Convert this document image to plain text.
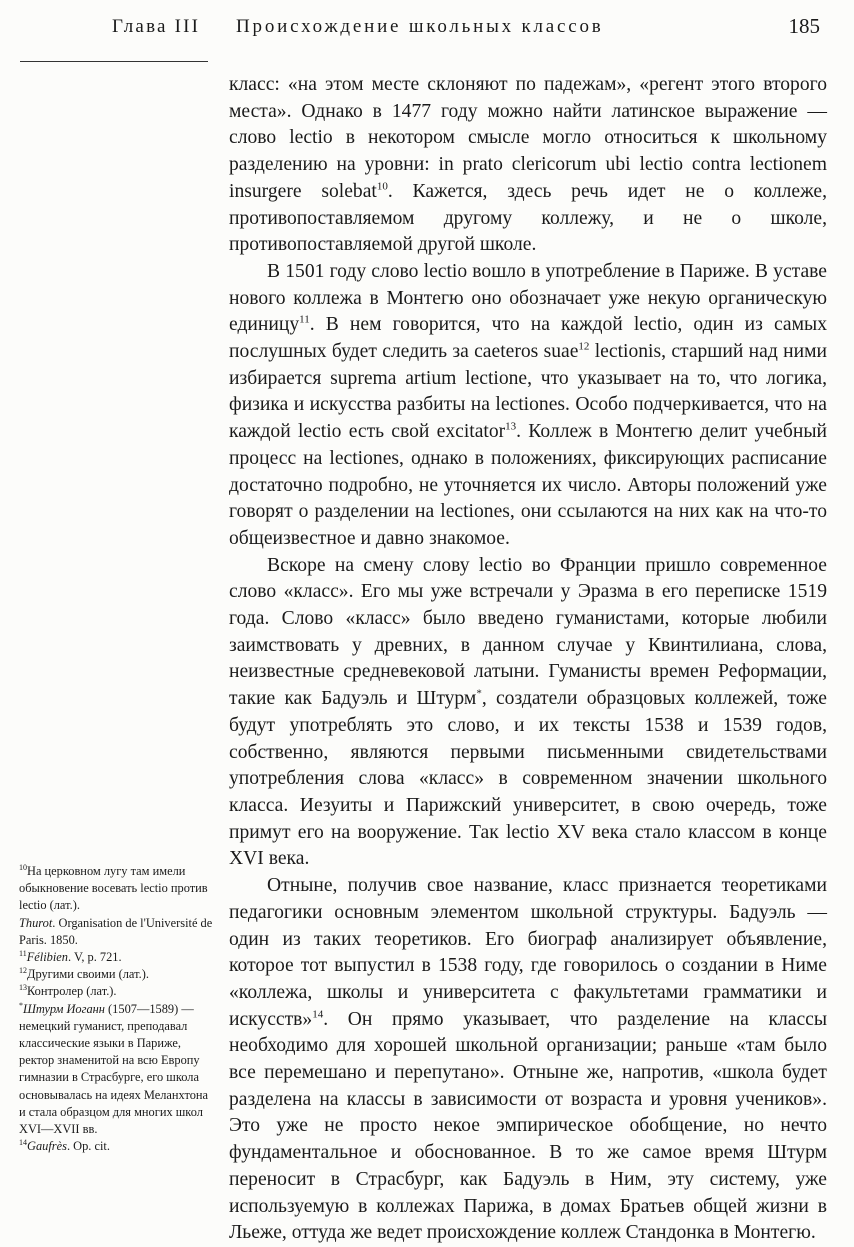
Глава III Происхождение школьных классов	185

класс: «на этом месте склоняют по падежам», «регент этого второго места». Однако в 1477 году можно найти латинское выражение — слово lectio в некотором смысле могло относиться к школьному разделению на уровни: in prato clericorum ubi lectio contra lectionem insurgere solebat$^{10}$. Кажется, здесь речь идет не о коллеже, противопоставляемом другому коллежу, и не о школе, противопоставляемой другой школе.

В 1501 году слово lectio вошло в употребление в Париже. В уставе нового коллежа в Монтегю оно обозначает уже некую органическую единицу$^{11}$. В нем говорится, что на каждой lectio, один из самых послушных будет следить за caeteros suae$^{12}$ lectionis, старший над ними избирается suprema artium lectione, что указывает на то, что логика, физика и искусства разбиты на lectiones. Особо подчеркивается, что на каждой lectio есть свой excitator$^{13}$. Коллеж в Монтегю делит учебный процесс на lectiones, однако в положениях, фиксирующих расписание достаточно подробно, не уточняется их число. Авторы положений уже говорят о разделении на lectiones, они ссылаются на них как на что-то общеизвестное и давно знакомое.

Вскоре на смену слову lectio во Франции пришло современное слово «класс». Его мы уже встречали у Эразма в его переписке 1519 года. Слово «класс» было введено гуманистами, которые любили заимствовать у древних, в данном случае у Квинтилиана, слова, неизвестные средневековой латыни. Гуманисты времен Реформации, такие как Бадуэль и Штурм*, создатели образцовых коллежей, тоже будут употреблять это слово, и их тексты 1538 и 1539 годов, собственно, являются первыми письменными свидетельствами употребления слова «класс» в современном значении школьного класса. Иезуиты и Парижский университет, в свою очередь, тоже примут его на вооружение. Так lectio XV века стало классом в конце XVI века.

Отныне, получив свое название, класс признается теоретиками педагогики основным элементом школьной структуры. Бадуэль — один из таких теоретиков. Его биограф анализирует объявление, которое тот выпустил в 1538 году, где говорилось о создании в Ниме «коллежа, школы и университета с факультетами грамматики и искусств»$^{14}$. Он прямо указывает, что разделение на классы необходимо для хорошей школьной организации; раньше «там было все перемешано и перепутано». Отныне же, напротив, «школа будет разделена на классы в зависимости от возраста и уровня учеников». Это уже не просто некое эмпирическое обобщение, но нечто фундаментальное и обоснованное. В то же самое время Штурм переносит в Страсбург, как Бадуэль в Ним, эту систему, уже используемую в коллежах Парижа, в домах Братьев общей жизни в Льеже, оттуда же ведет происхождение коллеж Стандонка в Монтегю.

$^{10}$На церковном лугу там имели обыкновение восевать lectio против lectio (лат.).
Thurot. Organisation de l'Université de Paris. 1850.
$^{11}$Félibien. V, p. 721.
$^{12}$Другими своими (лат.).
$^{13}$Контролер (лат.).
*Штурм Иоганн (1507—1589) — немецкий гуманист, преподавал классические языки в Париже, ректор знаменитой на всю Европу гимназии в Страсбурге, его школа основывалась на идеях Меланхтона и стала образцом для многих школ XVI—XVII вв.
$^{14}$Gaufrès. Op. cit.
